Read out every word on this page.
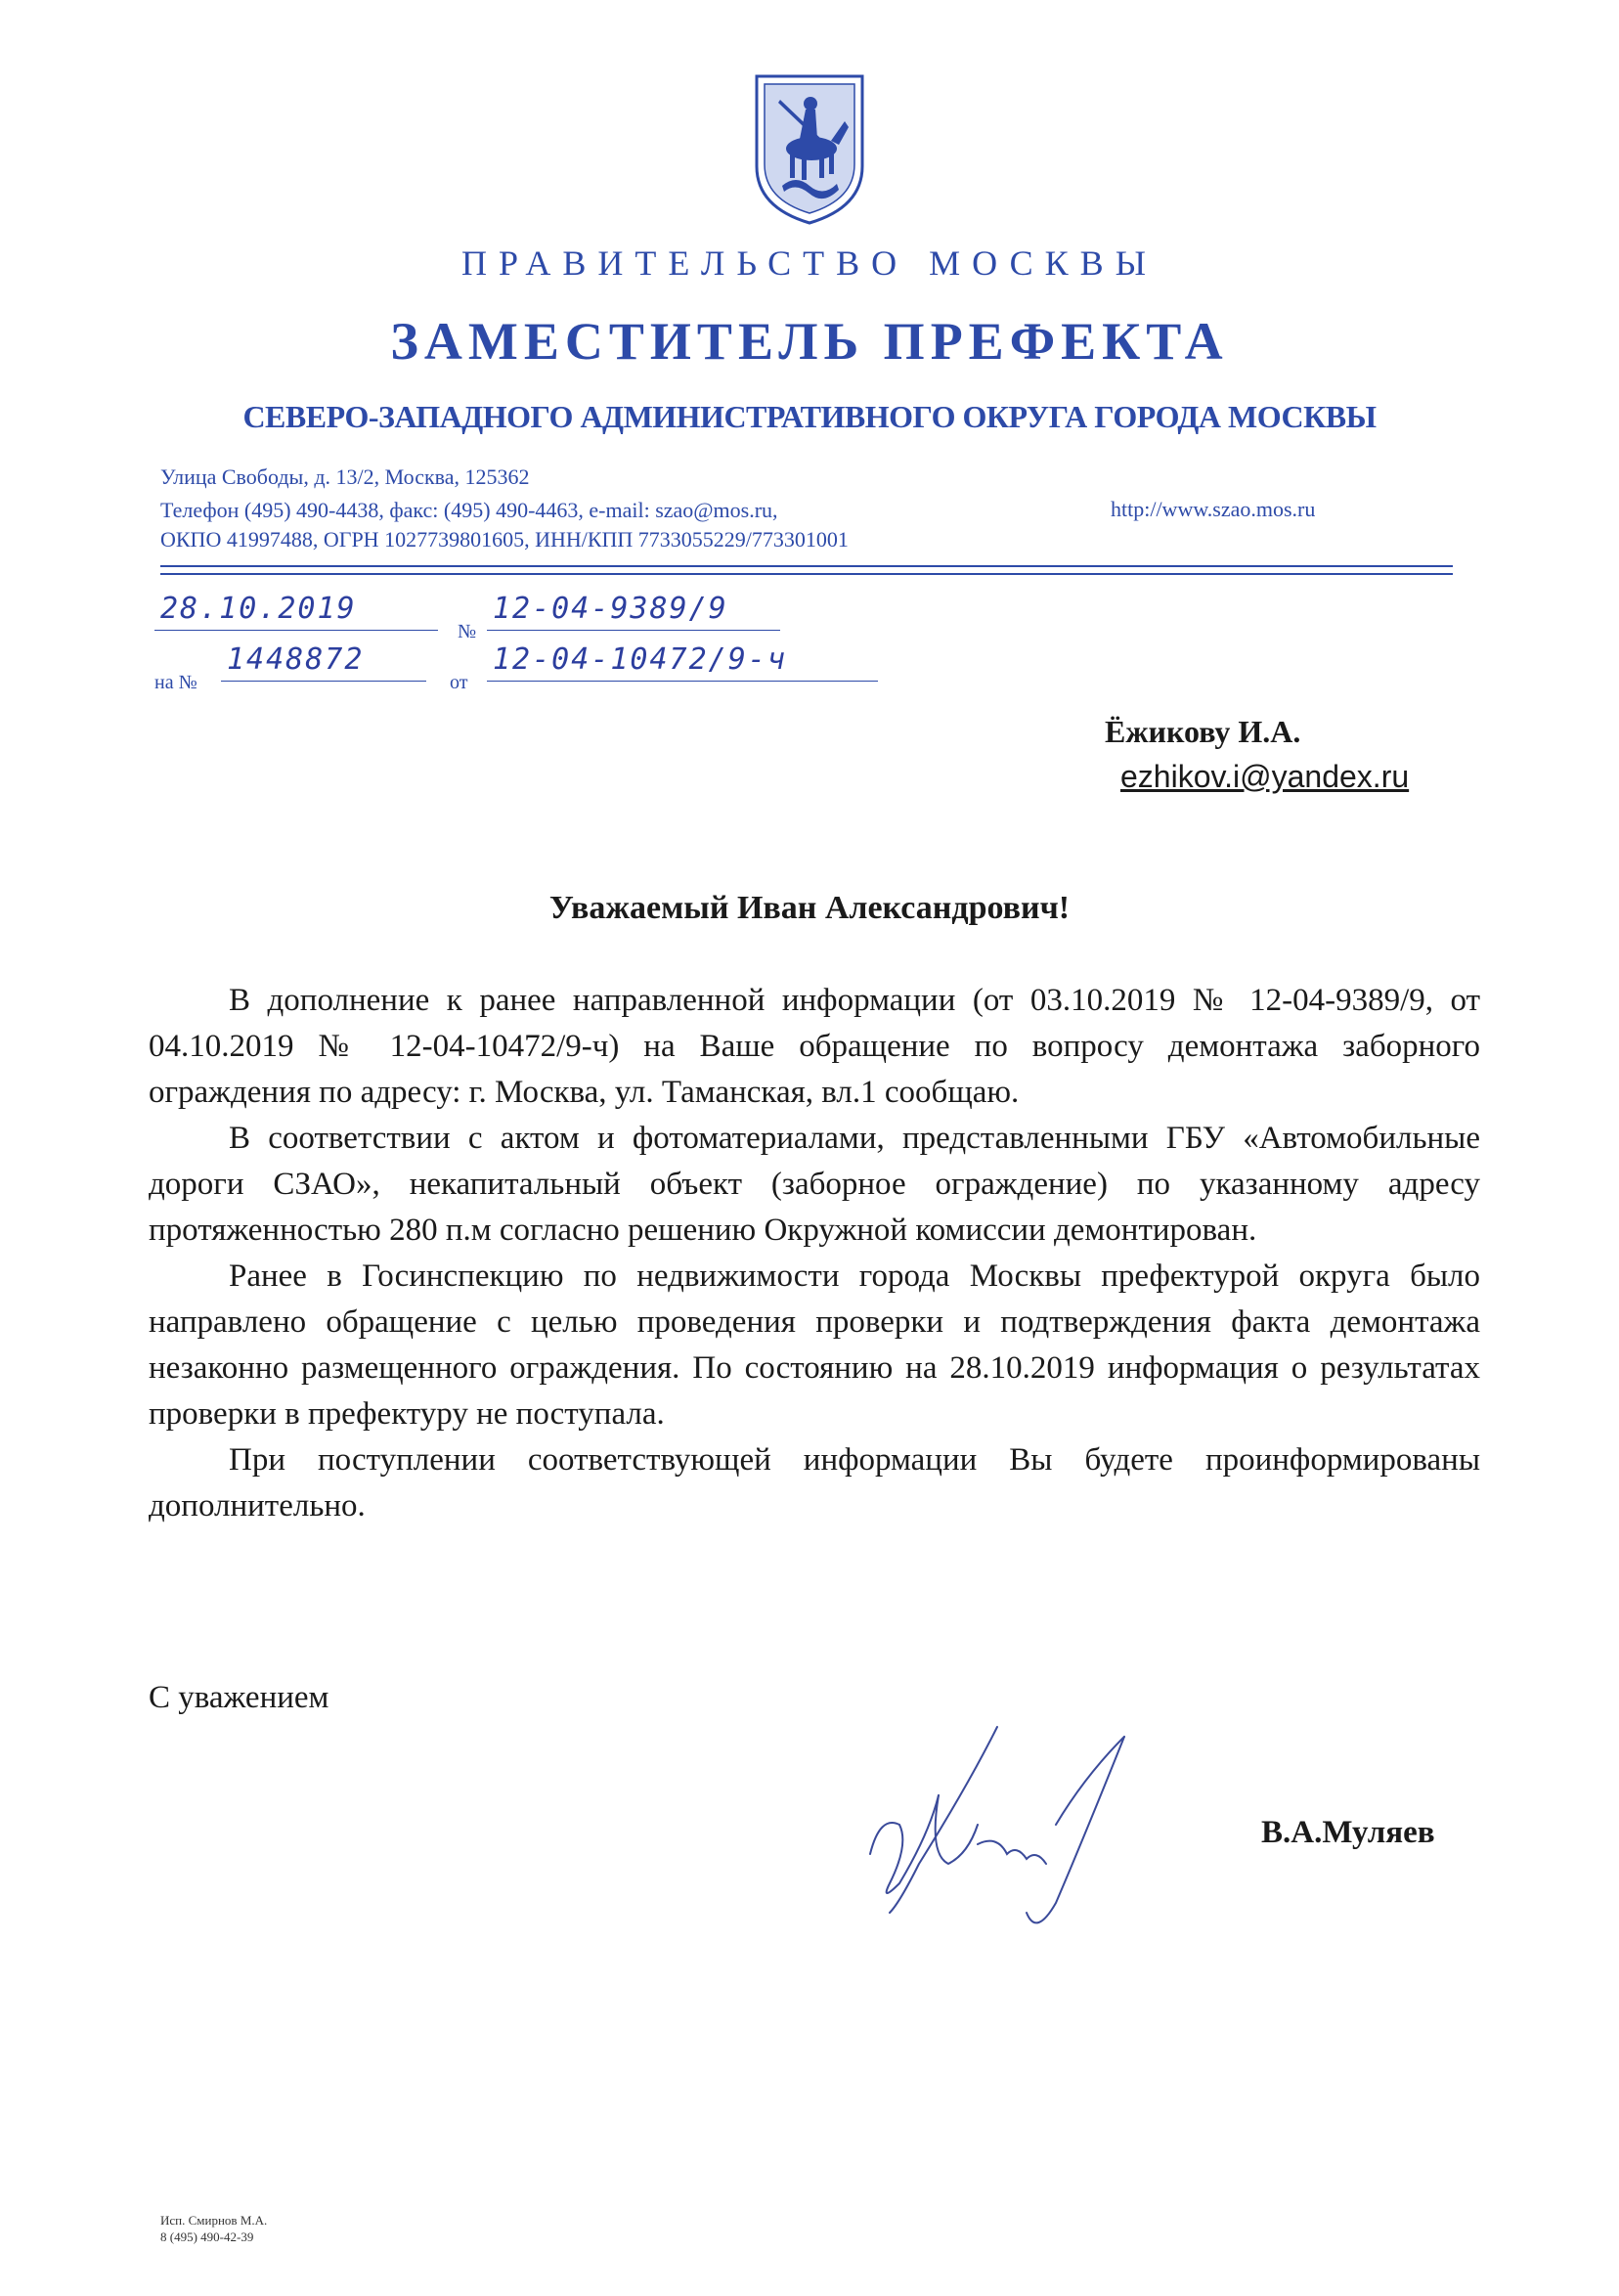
ПРАВИТЕЛЬСТВО МОСКВЫ
ЗАМЕСТИТЕЛЬ ПРЕФЕКТА
СЕВЕРО-ЗАПАДНОГО АДМИНИСТРАТИВНОГО ОКРУГА ГОРОДА МОСКВЫ
Улица Свободы, д. 13/2, Москва, 125362
Телефон (495) 490-4438, факс: (495) 490-4463, e-mail: szao@mos.ru,	http://www.szao.mos.ru
ОКПО 41997488, ОГРН 1027739801605, ИНН/КПП 7733055229/773301001
28.10.2019
№
12-04-9389/9
на №
1448872
от
12-04-10472/9-ч
Ёжикову И.А.
ezhikov.i@yandex.ru
Уважаемый Иван Александрович!

В дополнение к ранее направленной информации (от 03.10.2019 № 12-04-9389/9, от 04.10.2019 № 12-04-10472/9-ч) на Ваше обращение по вопросу демонтажа заборного ограждения по адресу: г. Москва, ул. Таманская, вл.1 сообщаю.

В соответствии с актом и фотоматериалами, представленными ГБУ «Автомобильные дороги СЗАО», некапитальный объект (заборное ограждение) по указанному адресу протяженностью 280 п.м согласно решению Окружной комиссии демонтирован.

Ранее в Госинспекцию по недвижимости города Москвы префектурой округа было направлено обращение с целью проведения проверки и подтверждения факта демонтажа незаконно размещенного ограждения. По состоянию на 28.10.2019 информация о результатах проверки в префектуру не поступала.

При поступлении соответствующей информации Вы будете проинформированы дополнительно.

С уважением
В.А.Муляев
Исп. Смирнов М.А.
8 (495) 490-42-39
